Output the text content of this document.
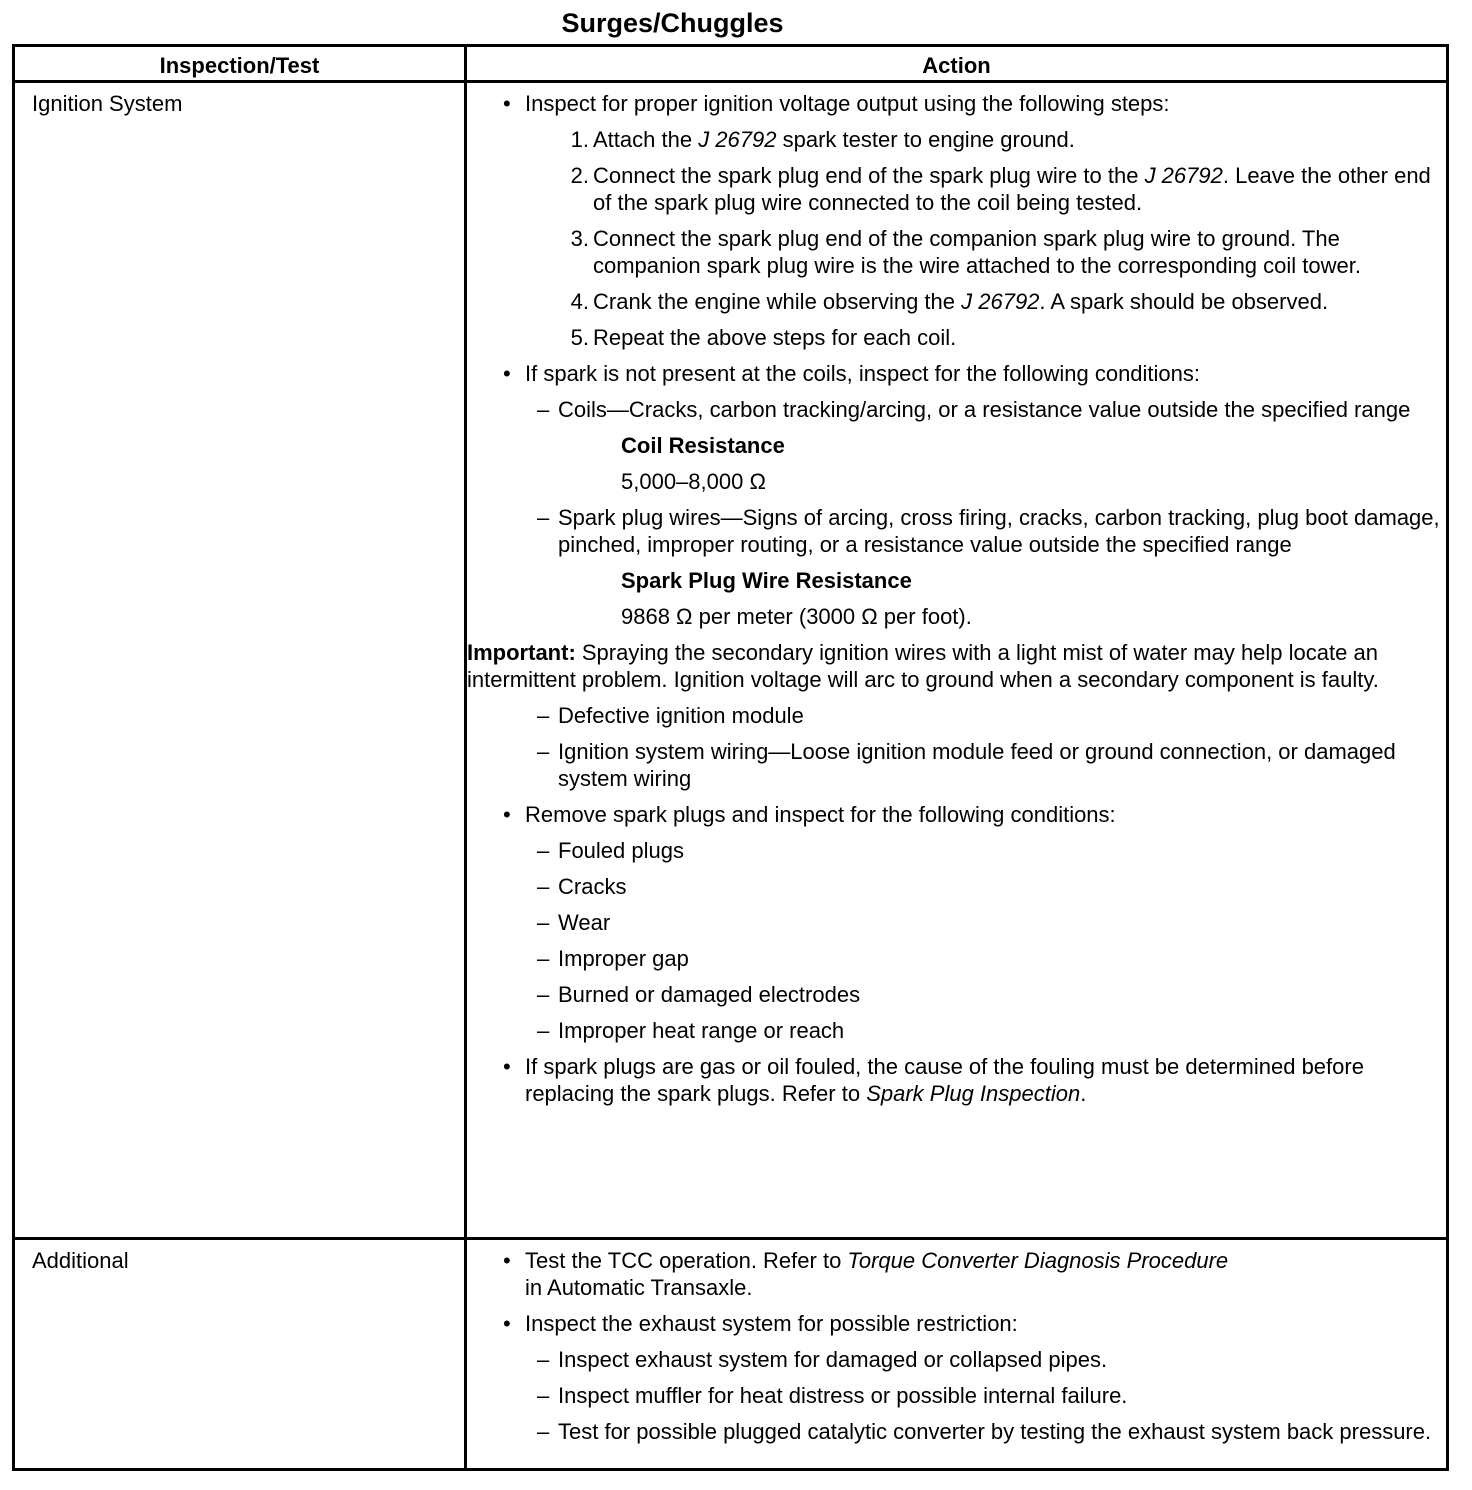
Surges/Chuggles
Inspection/Test	Action
Ignition System	• Inspect for proper ignition voltage output using the following steps:
1. Attach the J 26792 spark tester to engine ground.
2. Connect the spark plug end of the spark plug wire to the J 26792. Leave the other end of the spark plug wire connected to the coil being tested.
3. Connect the spark plug end of the companion spark plug wire to ground. The companion spark plug wire is the wire attached to the corresponding coil tower.
4. Crank the engine while observing the J 26792. A spark should be observed.
5. Repeat the above steps for each coil.
• If spark is not present at the coils, inspect for the following conditions:
– Coils—Cracks, carbon tracking/arcing, or a resistance value outside the specified range
Coil Resistance
5,000–8,000 Ω
– Spark plug wires—Signs of arcing, cross firing, cracks, carbon tracking, plug boot damage, pinched, improper routing, or a resistance value outside the specified range
Spark Plug Wire Resistance
9868 Ω per meter (3000 Ω per foot).
Important: Spraying the secondary ignition wires with a light mist of water may help locate an intermittent problem. Ignition voltage will arc to ground when a secondary component is faulty.
– Defective ignition module
– Ignition system wiring—Loose ignition module feed or ground connection, or damaged system wiring
• Remove spark plugs and inspect for the following conditions:
– Fouled plugs
– Cracks
– Wear
– Improper gap
– Burned or damaged electrodes
– Improper heat range or reach
• If spark plugs are gas or oil fouled, the cause of the fouling must be determined before replacing the spark plugs. Refer to Spark Plug Inspection.
Additional	• Test the TCC operation. Refer to Torque Converter Diagnosis Procedure
in Automatic Transaxle.
• Inspect the exhaust system for possible restriction:
– Inspect exhaust system for damaged or collapsed pipes.
– Inspect muffler for heat distress or possible internal failure.
– Test for possible plugged catalytic converter by testing the exhaust system back pressure.
